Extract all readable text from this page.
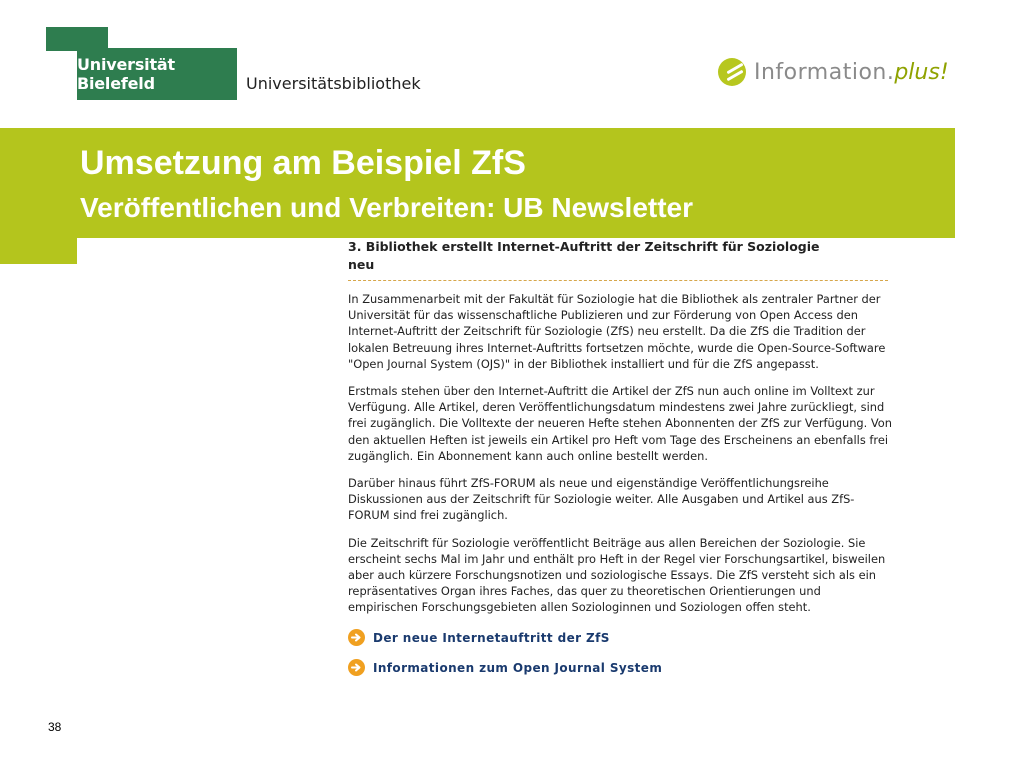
Universität Bielefeld	Universitätsbibliothek	Information.plus!
Umsetzung am Beispiel ZfS
Veröffentlichen und Verbreiten: UB Newsletter
3. Bibliothek erstellt Internet-Auftritt der Zeitschrift für Soziologie
neu

In Zusammenarbeit mit der Fakultät für Soziologie hat die Bibliothek als zentraler Partner der Universität für das wissenschaftliche Publizieren und zur Förderung von Open Access den Internet-Auftritt der Zeitschrift für Soziologie (ZfS) neu erstellt. Da die ZfS die Tradition der lokalen Betreuung ihres Internet-Auftritts fortsetzen möchte, wurde die Open-Source-Software "Open Journal System (OJS)" in der Bibliothek installiert und für die ZfS angepasst.

Erstmals stehen über den Internet-Auftritt die Artikel der ZfS nun auch online im Volltext zur Verfügung. Alle Artikel, deren Veröffentlichungsdatum mindestens zwei Jahre zurückliegt, sind frei zugänglich. Die Volltexte der neueren Hefte stehen Abonnenten der ZfS zur Verfügung. Von den aktuellen Heften ist jeweils ein Artikel pro Heft vom Tage des Erscheinens an ebenfalls frei zugänglich. Ein Abonnement kann auch online bestellt werden.

Darüber hinaus führt ZfS-FORUM als neue und eigenständige Veröffentlichungsreihe Diskussionen aus der Zeitschrift für Soziologie weiter. Alle Ausgaben und Artikel aus ZfS-FORUM sind frei zugänglich.

Die Zeitschrift für Soziologie veröffentlicht Beiträge aus allen Bereichen der Soziologie. Sie erscheint sechs Mal im Jahr und enthält pro Heft in der Regel vier Forschungsartikel, bisweilen aber auch kürzere Forschungsnotizen und soziologische Essays. Die ZfS versteht sich als ein repräsentatives Organ ihres Faches, das quer zu theoretischen Orientierungen und empirischen Forschungsgebieten allen Soziologinnen und Soziologen offen steht.

Der neue Internetauftritt der ZfS
Informationen zum Open Journal System
38
